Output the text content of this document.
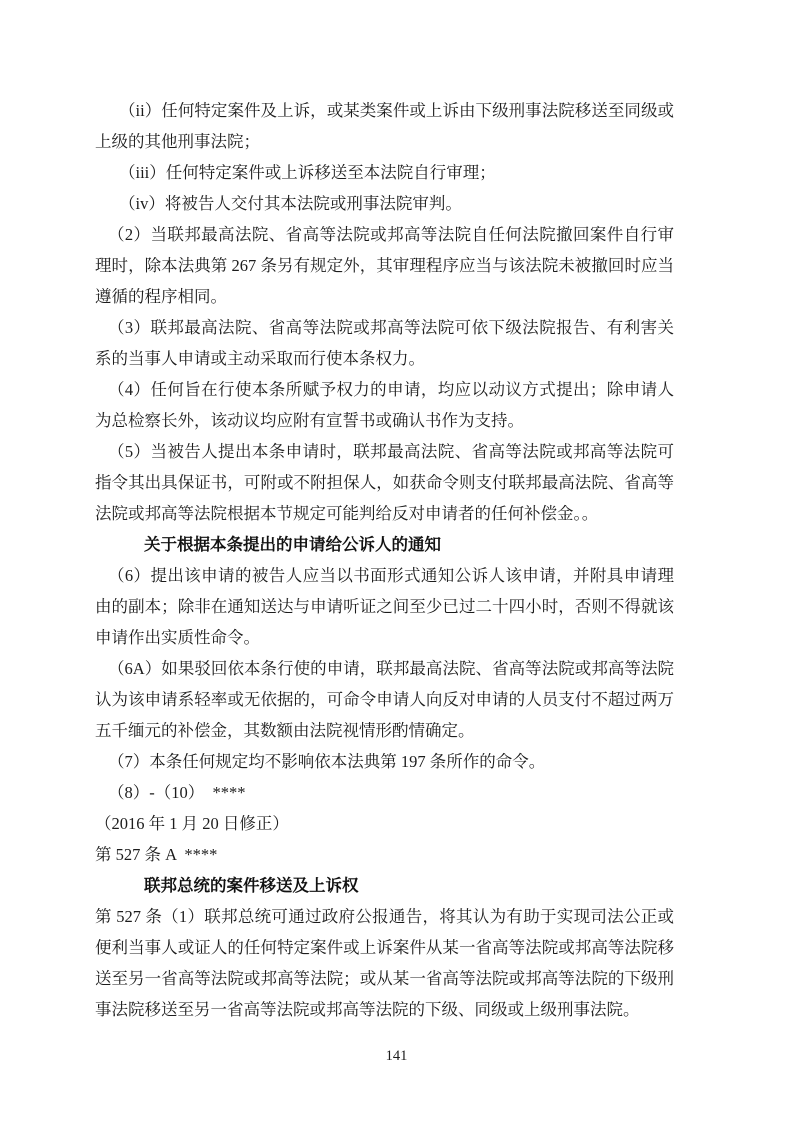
（ii）任何特定案件及上诉，或某类案件或上诉由下级刑事法院移送至同级或上级的其他刑事法院；

（iii）任何特定案件或上诉移送至本法院自行审理；

（iv）将被告人交付其本法院或刑事法院审判。

（2）当联邦最高法院、省高等法院或邦高等法院自任何法院撤回案件自行审理时，除本法典第 267 条另有规定外，其审理程序应当与该法院未被撤回时应当遵循的程序相同。

（3）联邦最高法院、省高等法院或邦高等法院可依下级法院报告、有利害关系的当事人申请或主动采取而行使本条权力。

（4）任何旨在行使本条所赋予权力的申请，均应以动议方式提出；除申请人为总检察长外，该动议均应附有宣誓书或确认书作为支持。

（5）当被告人提出本条申请时，联邦最高法院、省高等法院或邦高等法院可指令其出具保证书，可附或不附担保人，如获命令则支付联邦最高法院、省高等法院或邦高等法院根据本节规定可能判给反对申请者的任何补偿金。。

关于根据本条提出的申请给公诉人的通知

（6）提出该申请的被告人应当以书面形式通知公诉人该申请，并附具申请理由的副本；除非在通知送达与申请听证之间至少已过二十四小时，否则不得就该申请作出实质性命令。

（6A）如果驳回依本条行使的申请，联邦最高法院、省高等法院或邦高等法院认为该申请系轻率或无依据的，可命令申请人向反对申请的人员支付不超过两万五千缅元的补偿金，其数额由法院视情形酌情确定。

（7）本条任何规定均不影响依本法典第 197 条所作的命令。

（8）-（10）  ****

（2016 年 1 月 20 日修正）

第 527 条 A  ****

联邦总统的案件移送及上诉权

第 527 条（1）联邦总统可通过政府公报通告，将其认为有助于实现司法公正或便利当事人或证人的任何特定案件或上诉案件从某一省高等法院或邦高等法院移送至另一省高等法院或邦高等法院；或从某一省高等法院或邦高等法院的下级刑事法院移送至另一省高等法院或邦高等法院的下级、同级或上级刑事法院。

141
